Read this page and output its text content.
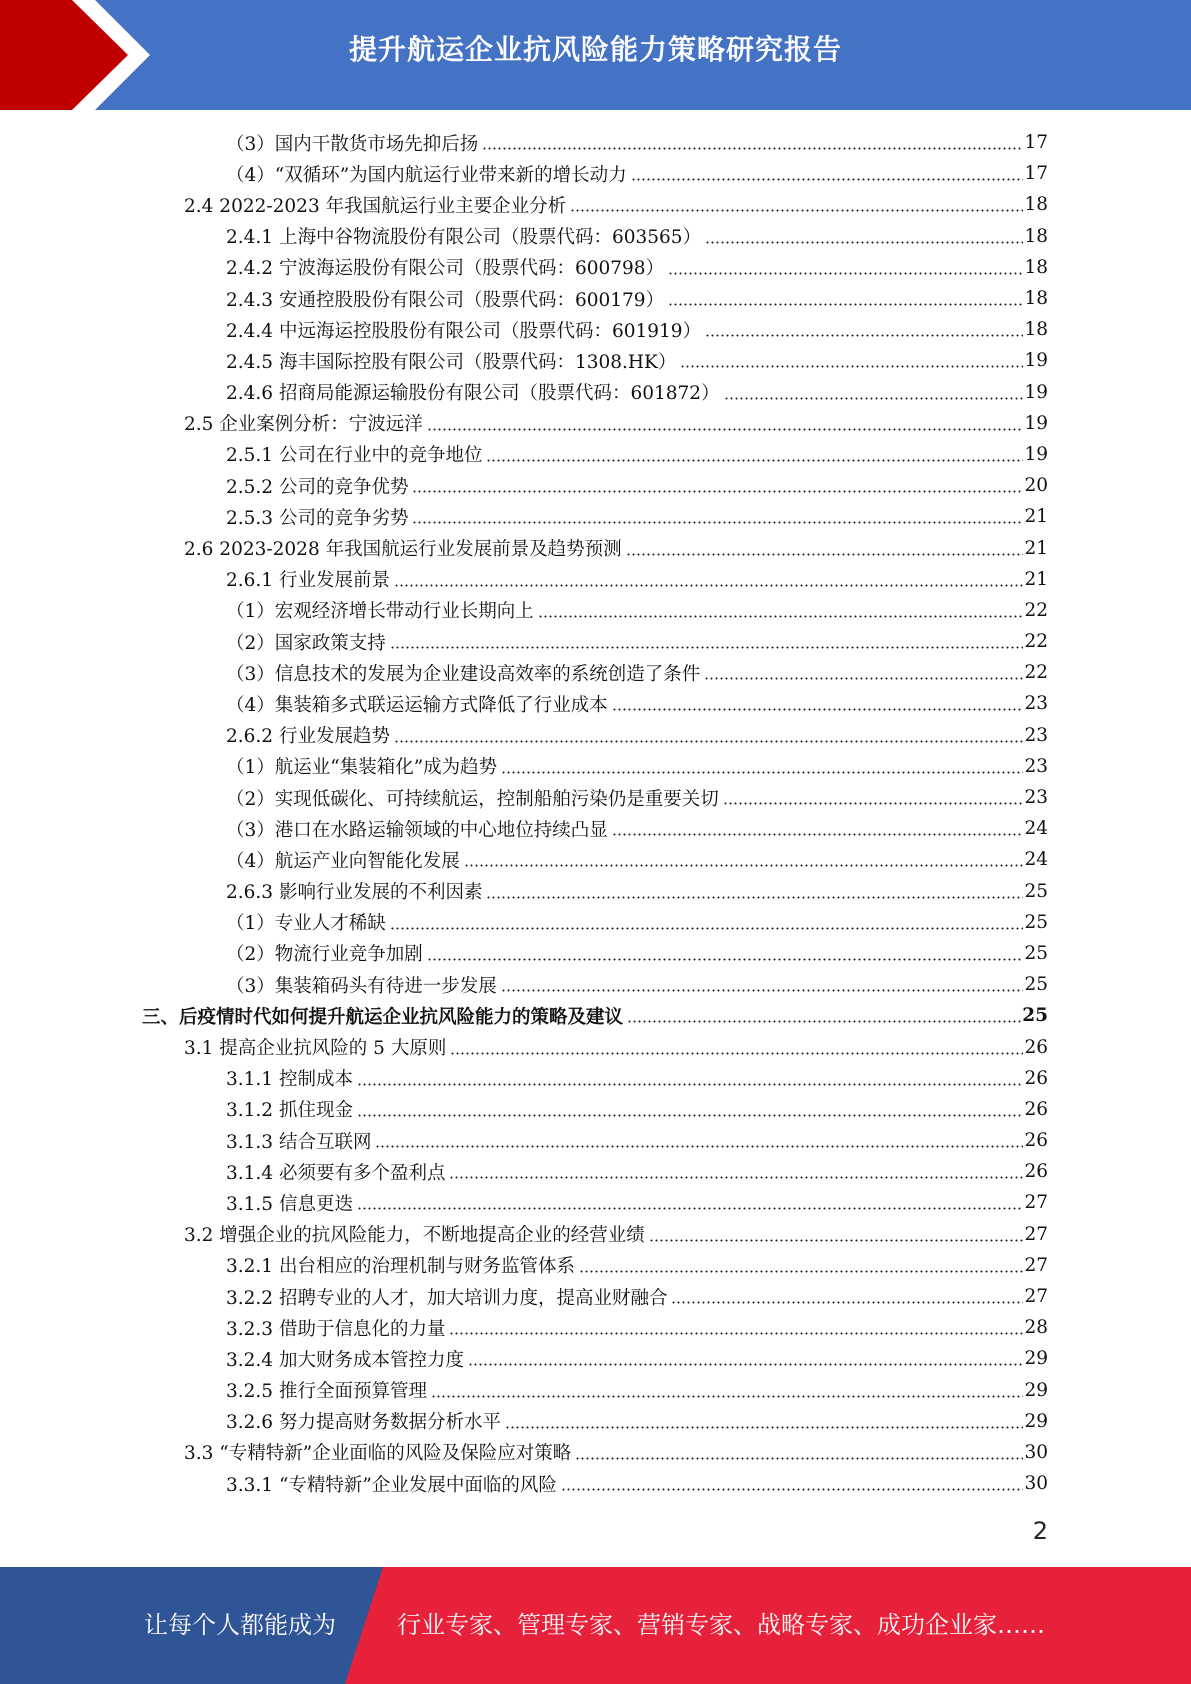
提升航运企业抗风险能力策略研究报告
（3）国内干散货市场先抑后扬	17
（4）“双循环”为国内航运行业带来新的增长动力	17
2.4 2022-2023 年我国航运行业主要企业分析	18
2.4.1 上海中谷物流股份有限公司（股票代码：603565）	18
2.4.2 宁波海运股份有限公司（股票代码：600798）	18
2.4.3 安通控股股份有限公司（股票代码：600179）	18
2.4.4 中远海运控股股份有限公司（股票代码：601919）	18
2.4.5 海丰国际控股有限公司（股票代码：1308.HK）	19
2.4.6 招商局能源运输股份有限公司（股票代码：601872）	19
2.5 企业案例分析：宁波远洋	19
2.5.1 公司在行业中的竞争地位	19
2.5.2 公司的竞争优势	20
2.5.3 公司的竞争劣势	21
2.6 2023-2028 年我国航运行业发展前景及趋势预测	21
2.6.1 行业发展前景	21
（1）宏观经济增长带动行业长期向上	22
（2）国家政策支持	22
（3）信息技术的发展为企业建设高效率的系统创造了条件	22
（4）集装箱多式联运运输方式降低了行业成本	23
2.6.2 行业发展趋势	23
（1）航运业“集装箱化”成为趋势	23
（2）实现低碳化、可持续航运，控制船舶污染仍是重要关切	23
（3）港口在水路运输领域的中心地位持续凸显	24
（4）航运产业向智能化发展	24
2.6.3 影响行业发展的不利因素	25
（1）专业人才稀缺	25
（2）物流行业竞争加剧	25
（3）集装箱码头有待进一步发展	25
三、后疫情时代如何提升航运企业抗风险能力的策略及建议	25
3.1 提高企业抗风险的 5 大原则	26
3.1.1 控制成本	26
3.1.2 抓住现金	26
3.1.3 结合互联网	26
3.1.4 必须要有多个盈利点	26
3.1.5 信息更迭	27
3.2 增强企业的抗风险能力，不断地提高企业的经营业绩	27
3.2.1 出台相应的治理机制与财务监管体系	27
3.2.2 招聘专业的人才，加大培训力度，提高业财融合	27
3.2.3 借助于信息化的力量	28
3.2.4 加大财务成本管控力度	29
3.2.5 推行全面预算管理	29
3.2.6 努力提高财务数据分析水平	29
3.3 “专精特新”企业面临的风险及保险应对策略	30
3.3.1 “专精特新”企业发展中面临的风险	30
2
让每个人都能成为	行业专家、管理专家、营销专家、战略专家、成功企业家……
